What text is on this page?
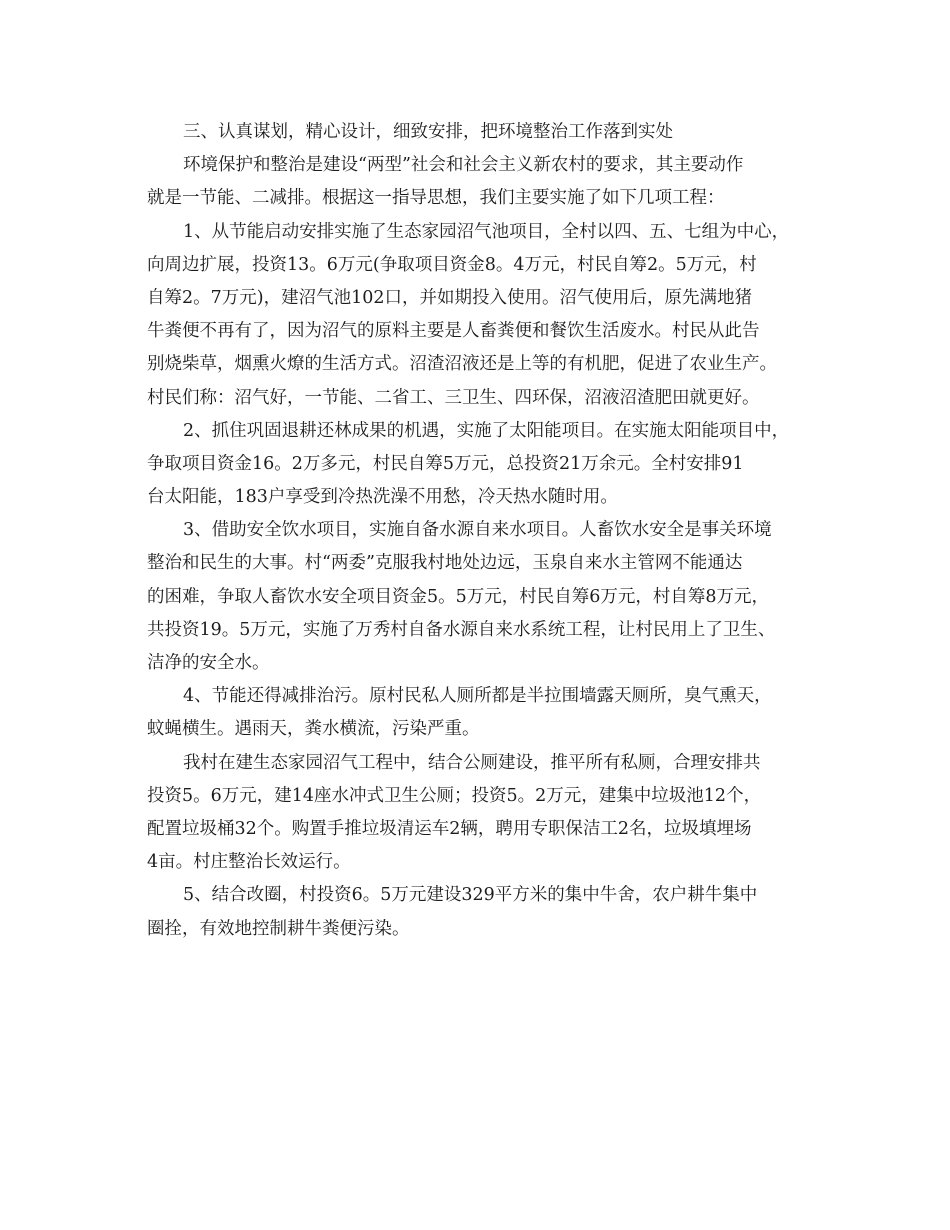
三、认真谋划，精心设计，细致安排，把环境整治工作落到实处
环境保护和整治是建设“两型”社会和社会主义新农村的要求，其主要动作
就是一节能、二减排。根据这一指导思想，我们主要实施了如下几项工程：
1、从节能启动安排实施了生态家园沼气池项目，全村以四、五、七组为中心，
向周边扩展，投资13。6万元(争取项目资金8。4万元，村民自筹2。5万元，村
自筹2。7万元)，建沼气池102口，并如期投入使用。沼气使用后，原先满地猪
牛粪便不再有了，因为沼气的原料主要是人畜粪便和餐饮生活废水。村民从此告
别烧柴草，烟熏火燎的生活方式。沼渣沼液还是上等的有机肥，促进了农业生产。
村民们称：沼气好，一节能、二省工、三卫生、四环保，沼液沼渣肥田就更好。
2、抓住巩固退耕还林成果的机遇，实施了太阳能项目。在实施太阳能项目中，
争取项目资金16。2万多元，村民自筹5万元，总投资21万余元。全村安排91
台太阳能，183户享受到冷热洗澡不用愁，冷天热水随时用。
3、借助安全饮水项目，实施自备水源自来水项目。人畜饮水安全是事关环境
整治和民生的大事。村“两委”克服我村地处边远，玉泉自来水主管网不能通达
的困难，争取人畜饮水安全项目资金5。5万元，村民自筹6万元，村自筹8万元，
共投资19。5万元，实施了万秀村自备水源自来水系统工程，让村民用上了卫生、
洁净的安全水。
4、节能还得减排治污。原村民私人厕所都是半拉围墙露天厕所，臭气熏天，
蚊蝇横生。遇雨天，粪水横流，污染严重。
我村在建生态家园沼气工程中，结合公厕建设，推平所有私厕，合理安排共
投资5。6万元，建14座水冲式卫生公厕；投资5。2万元，建集中垃圾池12个，
配置垃圾桶32个。购置手推垃圾清运车2辆，聘用专职保洁工2名，垃圾填埋场
4亩。村庄整治长效运行。
5、结合改圈，村投资6。5万元建设329平方米的集中牛舍，农户耕牛集中
圈拴，有效地控制耕牛粪便污染。
